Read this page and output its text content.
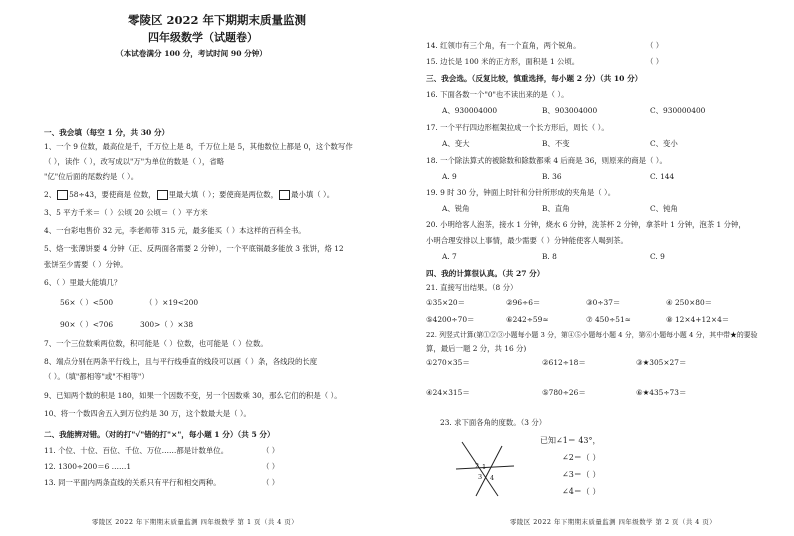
零陵区 2022 年下期期末质量监测
四年级数学（试题卷）
（本试卷满分 100 分，考试时间 90 分钟）
一、我会填（每空 1 分，共 30 分）
1、一个 9 位数，最高位是千，千万位上是 8，千万位上是 5，其他数位上都是 0，这个数写作
（ ），读作（ ），改写成以"万"为单位的数是（ ），省略
"亿"位后面的尾数约是（ ）。
2、 58÷43，要使商是 位数， 里最大填（ ）；要使商是两位数， 最小填（ ）。
3、5 平方千米＝（ ）公顷 20 公顷＝（ ）平方米
4、一台彩电售价 32 元，李老师带 315 元，最多能买（ ）本这样的百科全书。
5、烙一张薄饼要 4 分钟（正、反两面各需要 2 分钟），一个平底锅最多能放 3 张饼，烙 12
张饼至少需要（ ）分钟。
6、（ ）里最大能填几？
56×（ ）<500	（ ）×19<200
90×（ ）<706	300>（ ）×38
7、一个三位数乘两位数，积可能是（ ）位数，也可能是（ ）位数。
8、端点分别在两条平行线上，且与平行线垂直的线段可以画（ ）条，各线段的长度
（ ）。（填"都相等"或"不相等"）
9、已知两个数的积是 180，如果一个因数不变，另一个因数乘 30，那么它们的积是（ ）。
10、将一个数四舍五入到万位约是 30 万，这个数最大是（ ）。
二、我能辨对错。（对的打"√"错的打"×"，每小题 1 分）（共 5 分）
11. 个位、十位、百位、千位、万位……都是计数单位。	（ ）
12. 1300÷200＝6 ……1	（ ）
13. 同一平面内两条直线的关系只有平行和相交两种。	（ ）
零陵区 2022 年下期期末质量监测 四年级数学 第 1 页（共 4 页）
14. 红领巾有三个角，有一个直角，两个锐角。	（ ）
15. 边长是 100 米的正方形，面积是 1 公顷。	（ ）
三、我会选。（反复比较，慎重选择，每小题 2 分）（共 10 分）
16. 下面各数一个"0"也不读出来的是（ ）。
A、930004000	B、903004000	C、930000400
17. 一个平行四边形框架拉成一个长方形后，周长（ ）。
A、变大	B、不变	C、变小
18. 一个除法算式的被除数和除数都乘 4 后商是 36，则原来的商是（ ）。
A. 9	B. 36	C. 144
19. 9 时 30 分，钟面上时针和分针所形成的夹角是（ ）。
A、锐角	B、直角	C、钝角
20. 小明给客人泡茶，接水 1 分钟，烧水 6 分钟，洗茶杯 2 分钟，拿茶叶 1 分钟，泡茶 1 分钟，
小明合理安排以上事情，最少需要（ ）分钟能使客人喝到茶。
A. 7	B. 8	C. 9
四、我的计算很认真。（共 27 分）
21. 直接写出结果。（8 分）
①35×20＝	②96÷6＝	③0÷37＝	④ 250×80＝
⑤4200÷70＝	⑥242÷59≈	⑦ 450÷51≈	⑧ 12×4+12×4＝
22. 列竖式计算(第①②③小题每小题 3 分，第④⑤小题每小题 4 分，第⑥小题每小题 4 分，其中带★的要验
算，最后一题 2 分，共 16 分)
①270×35＝	②612÷18＝	③★305×27＝
④24×315＝	⑤780÷26＝	⑥★435÷73＝
23. 求下面各角的度数。（3 分）
1
2
3 4
已知∠1＝ 43°，
∠2＝（ ）
∠3＝（ ）
∠4＝（ ）
零陵区 2022 年下期期末质量监测 四年级数学 第 2 页（共 4 页）
